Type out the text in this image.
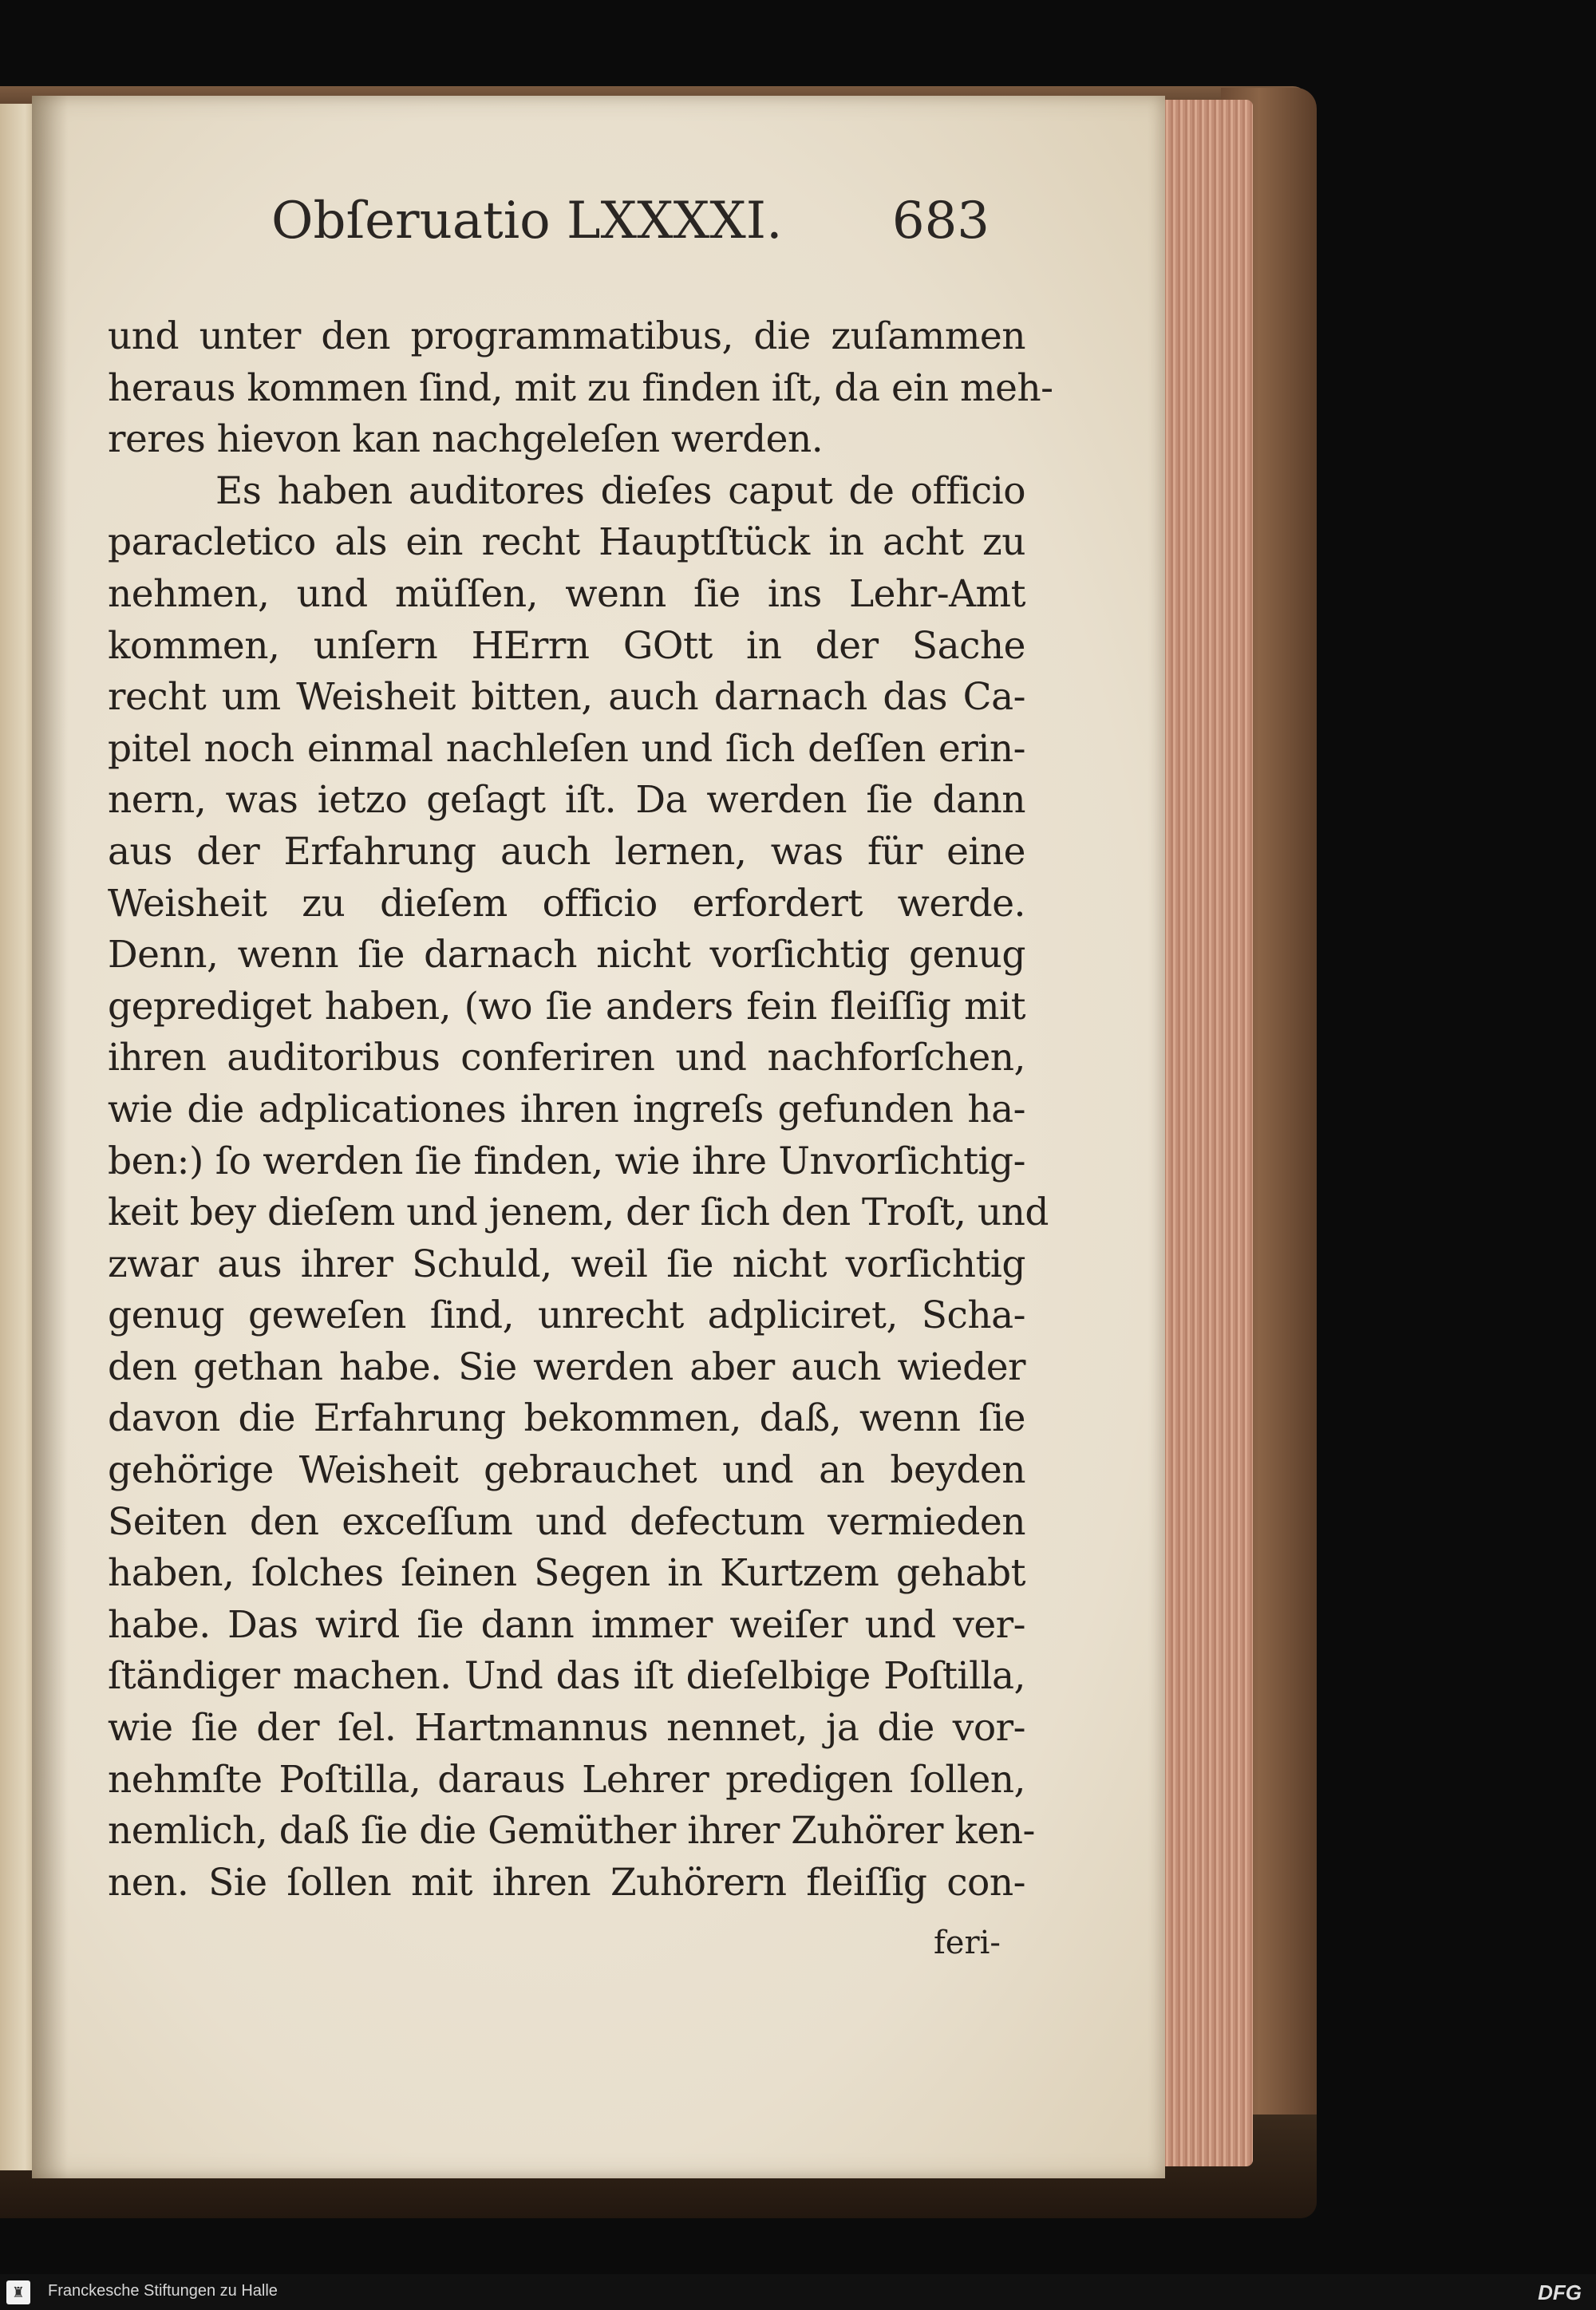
Obſeruatio LXXXXI. 683
und unter den programmatibus, die zuſammen
heraus kommen ſind, mit zu finden iſt, da ein meh-
reres hievon kan nachgeleſen werden.
Es haben auditores dieſes caput de officio
paracletico als ein recht Hauptſtück in acht zu
nehmen, und müſſen, wenn ſie ins Lehr-Amt
kommen, unſern HErrn GOtt in der Sache
recht um Weisheit bitten, auch darnach das Ca-
pitel noch einmal nachleſen und ſich deſſen erin-
nern, was ietzo geſagt iſt. Da werden ſie dann
aus der Erfahrung auch lernen, was für eine
Weisheit zu dieſem officio erfordert werde.
Denn, wenn ſie darnach nicht vorſichtig genug
geprediget haben, (wo ſie anders fein fleiſſig mit
ihren auditoribus conferiren und nachforſchen,
wie die adplicationes ihren ingreſs gefunden ha-
ben:) ſo werden ſie finden, wie ihre Unvorſichtig-
keit bey dieſem und jenem, der ſich den Troſt, und
zwar aus ihrer Schuld, weil ſie nicht vorſichtig
genug geweſen ſind, unrecht adpliciret, Scha-
den gethan habe. Sie werden aber auch wieder
davon die Erfahrung bekommen, daß, wenn ſie
gehörige Weisheit gebrauchet und an beyden
Seiten den exceſſum und defectum vermieden
haben, ſolches ſeinen Segen in Kurtzem gehabt
habe. Das wird ſie dann immer weiſer und ver-
ſtändiger machen. Und das iſt dieſelbige Poſtilla,
wie ſie der ſel. Hartmannus nennet, ja die vor-
nehmſte Poſtilla, daraus Lehrer predigen ſollen,
nemlich, daß ſie die Gemüther ihrer Zuhörer ken-
nen. Sie ſollen mit ihren Zuhörern fleiſſig con-
feri-
♜	Franckesche Stiftungen zu Halle	DFG
